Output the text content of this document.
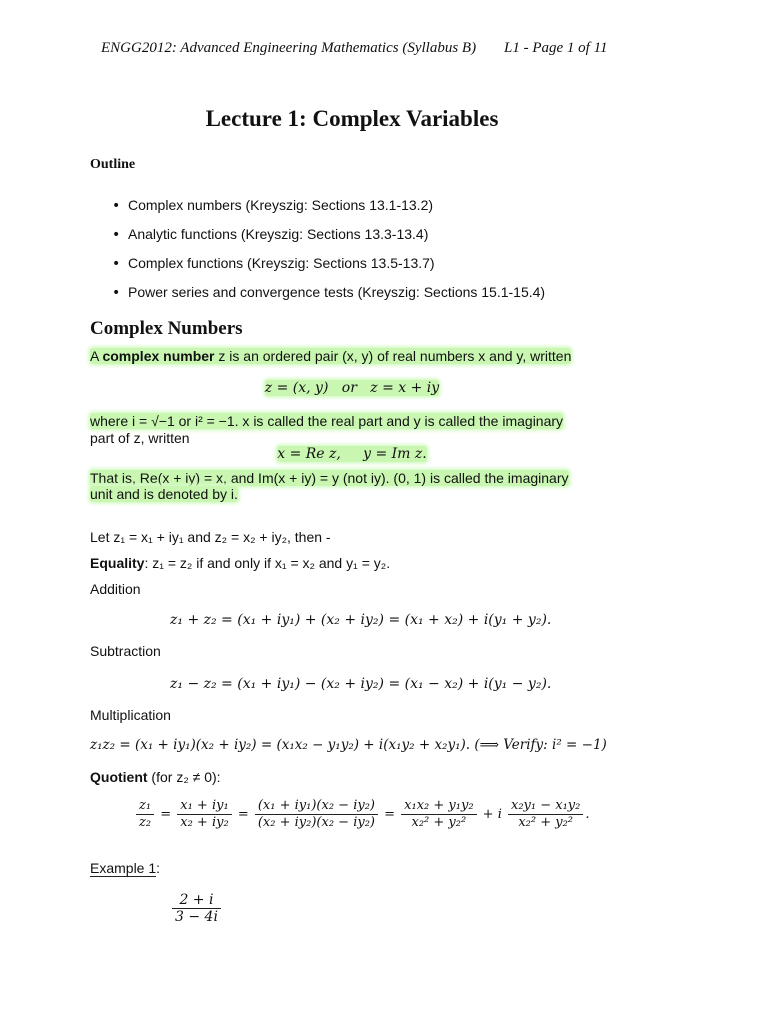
ENGG2012: Advanced Engineering Mathematics (Syllabus B) L1 - Page 1 of 11
Lecture 1: Complex Variables
Outline
• Complex numbers (Kreyszig: Sections 13.1-13.2)
• Analytic functions (Kreyszig: Sections 13.3-13.4)
• Complex functions (Kreyszig: Sections 13.5-13.7)
• Power series and convergence tests (Kreyszig: Sections 15.1-15.4)
Complex Numbers
A complex number z is an ordered pair (x, y) of real numbers x and y, written
z = (x, y)   or   z = x + iy
where i = √−1 or i² = −1. x is called the real part and y is called the imaginary
part of z, written
x = Re z,     y = Im z.
That is, Re(x + iy) = x, and Im(x + iy) = y (not iy). (0, 1) is called the imaginary
unit and is denoted by i.
Let z₁ = x₁ + iy₁ and z₂ = x₂ + iy₂, then -
Equality: z₁ = z₂ if and only if x₁ = x₂ and y₁ = y₂.
Addition
z₁ + z₂ = (x₁ + iy₁) + (x₂ + iy₂) = (x₁ + x₂) + i(y₁ + y₂).
Subtraction
z₁ − z₂ = (x₁ + iy₁) − (x₂ + iy₂) = (x₁ − x₂) + i(y₁ − y₂).
Multiplication
z₁z₂ = (x₁ + iy₁)(x₂ + iy₂) = (x₁x₂ − y₁y₂) + i(x₁y₂ + x₂y₁). (⟹ Verify: i² = −1)
Quotient (for z₂ ≠ 0):
$\frac{\text{z₁}}{\text{z₂}} = \frac{\text{x₁ + iy₁}}{\text{x₂ + iy₂}} = \frac{\text{(x₁ + iy₁)(x₂ − iy₂)}}{\text{(x₂ + iy₂)(x₂ − iy₂)}} = \frac{\text{x₁x₂ + y₁y₂}}{\text{x₂² + y₂²}} + i \frac{\text{x₂y₁ − x₁y₂}}{\text{x₂² + y₂²}}$ .
Example 1:
$\frac{2 + i}{3 - 4i}$
